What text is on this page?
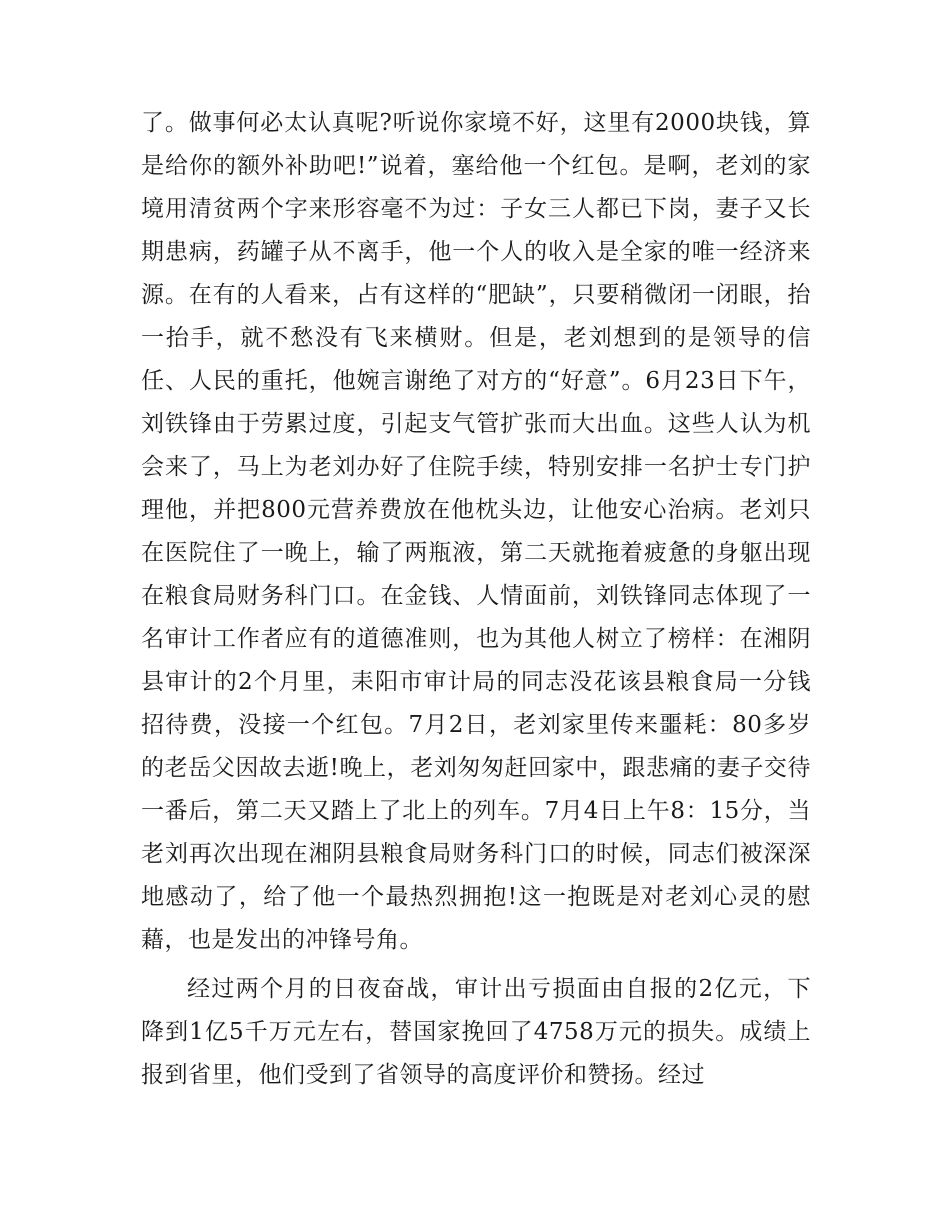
了。做事何必太认真呢?听说你家境不好，这里有2000块钱，算是给你的额外补助吧!”说着，塞给他一个红包。是啊，老刘的家境用清贫两个字来形容毫不为过：子女三人都已下岗，妻子又长期患病，药罐子从不离手，他一个人的收入是全家的唯一经济来源。在有的人看来，占有这样的“肥缺”，只要稍微闭一闭眼，抬一抬手，就不愁没有飞来横财。但是，老刘想到的是领导的信任、人民的重托，他婉言谢绝了对方的“好意”。6月23日下午，刘铁锋由于劳累过度，引起支气管扩张而大出血。这些人认为机会来了，马上为老刘办好了住院手续，特别安排一名护士专门护理他，并把800元营养费放在他枕头边，让他安心治病。老刘只在医院住了一晚上，输了两瓶液，第二天就拖着疲惫的身躯出现在粮食局财务科门口。在金钱、人情面前，刘铁锋同志体现了一名审计工作者应有的道德准则，也为其他人树立了榜样：在湘阴县审计的2个月里，耒阳市审计局的同志没花该县粮食局一分钱招待费，没接一个红包。7月2日，老刘家里传来噩耗：80多岁的老岳父因故去逝!晚上，老刘匆匆赶回家中，跟悲痛的妻子交待一番后，第二天又踏上了北上的列车。7月4日上午8：15分，当老刘再次出现在湘阴县粮食局财务科门口的时候，同志们被深深地感动了，给了他一个最热烈拥抱!这一抱既是对老刘心灵的慰藉，也是发出的冲锋号角。

经过两个月的日夜奋战，审计出亏损面由自报的2亿元，下降到1亿5千万元左右，替国家挽回了4758万元的损失。成绩上报到省里，他们受到了省领导的高度评价和赞扬。经过
